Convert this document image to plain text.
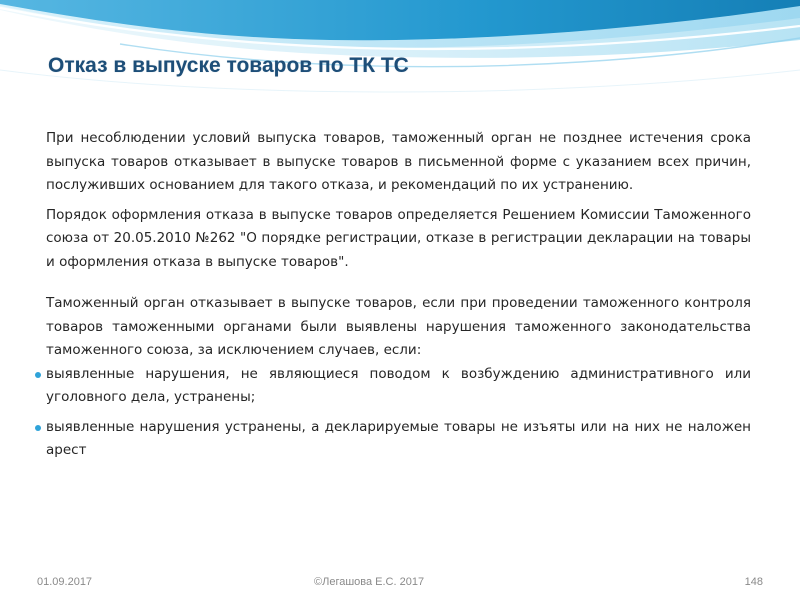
Отказ в выпуске товаров по ТК ТС

При несоблюдении условий выпуска товаров, таможенный орган не позднее истечения срока выпуска товаров отказывает в выпуске товаров в письменной форме с указанием всех причин, послуживших основанием для такого отказа, и рекомендаций по их устранению.

Порядок оформления отказа в выпуске товаров определяется Решением Комиссии Таможенного союза от 20.05.2010 №262 "О порядке регистрации, отказе в регистрации декларации на товары и оформления отказа в выпуске товаров".

Таможенный орган отказывает в выпуске товаров, если при проведении таможенного контроля товаров таможенными органами были выявлены нарушения таможенного законодательства таможенного союза, за исключением случаев, если:

выявленные нарушения, не являющиеся поводом к возбуждению административного или уголовного дела, устранены;
выявленные нарушения устранены, а декларируемые товары не изъяты или на них не наложен арест
01.09.2017	©Легашова Е.С. 2017	148
